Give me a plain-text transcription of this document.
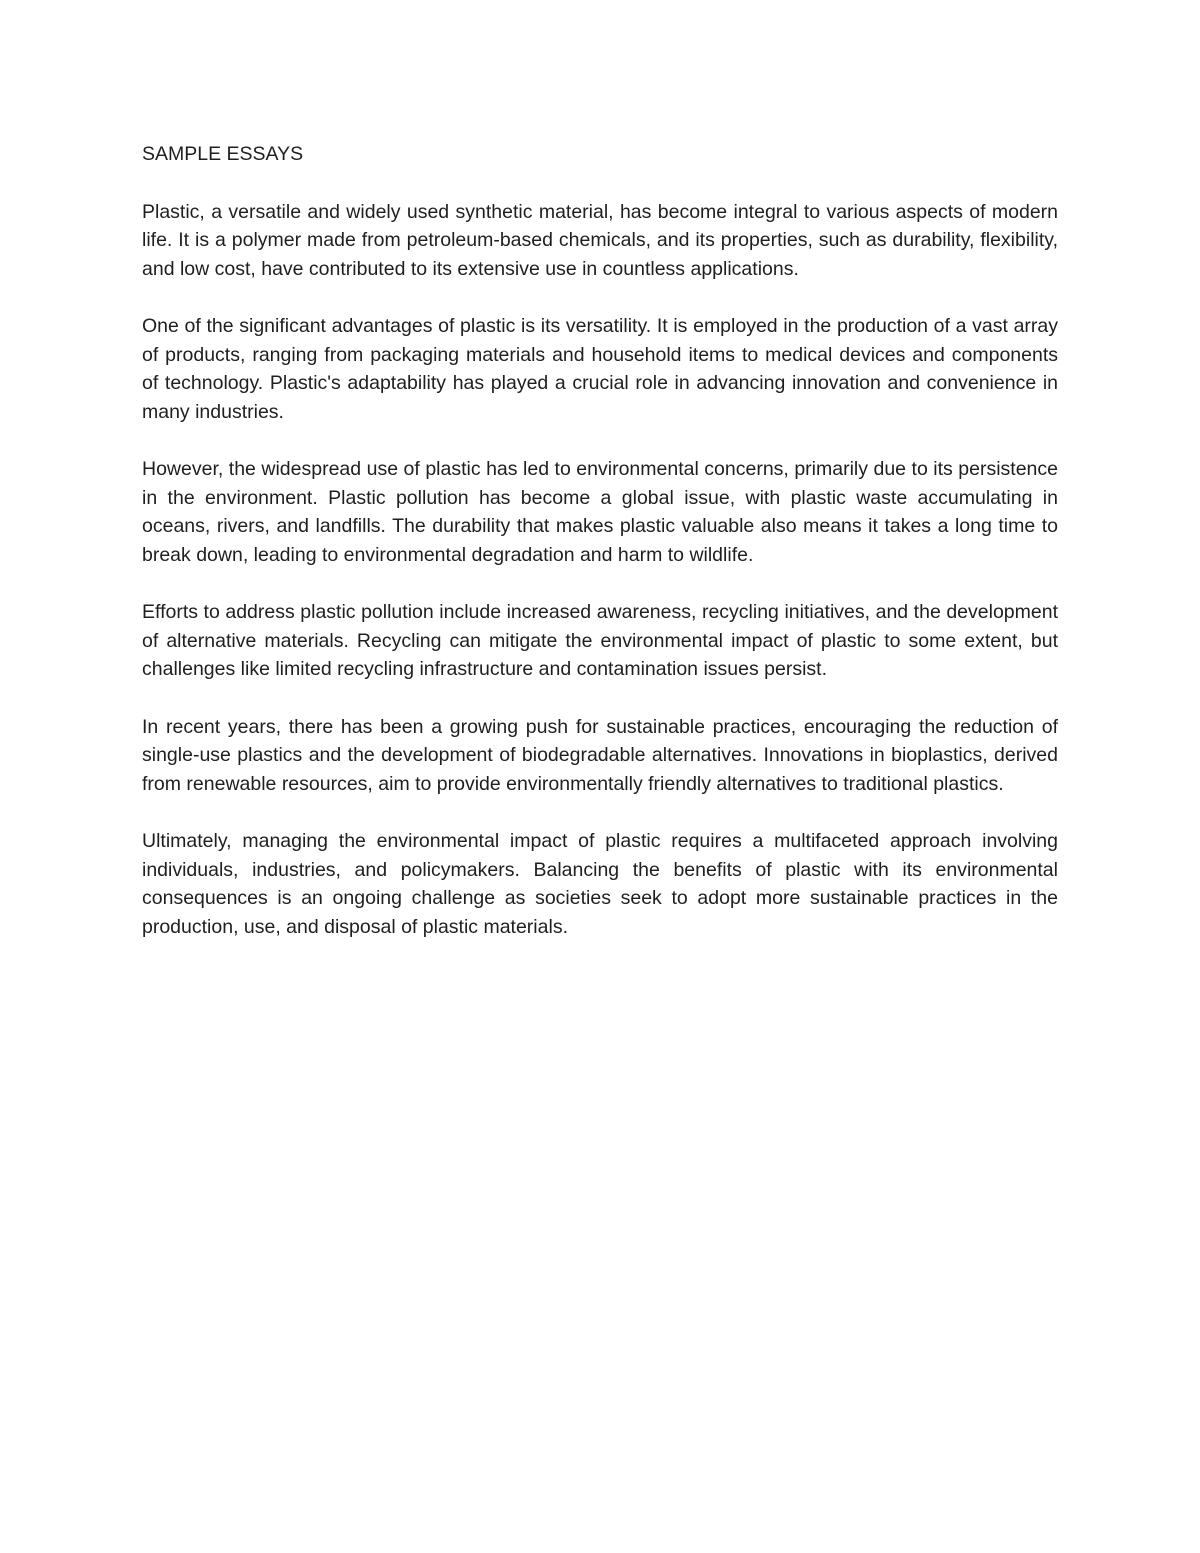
SAMPLE ESSAYS

Plastic, a versatile and widely used synthetic material, has become integral to various aspects of modern life. It is a polymer made from petroleum-based chemicals, and its properties, such as durability, flexibility, and low cost, have contributed to its extensive use in countless applications.

One of the significant advantages of plastic is its versatility. It is employed in the production of a vast array of products, ranging from packaging materials and household items to medical devices and components of technology. Plastic's adaptability has played a crucial role in advancing innovation and convenience in many industries.

However, the widespread use of plastic has led to environmental concerns, primarily due to its persistence in the environment. Plastic pollution has become a global issue, with plastic waste accumulating in oceans, rivers, and landfills. The durability that makes plastic valuable also means it takes a long time to break down, leading to environmental degradation and harm to wildlife.

Efforts to address plastic pollution include increased awareness, recycling initiatives, and the development of alternative materials. Recycling can mitigate the environmental impact of plastic to some extent, but challenges like limited recycling infrastructure and contamination issues persist.

In recent years, there has been a growing push for sustainable practices, encouraging the reduction of single-use plastics and the development of biodegradable alternatives. Innovations in bioplastics, derived from renewable resources, aim to provide environmentally friendly alternatives to traditional plastics.

Ultimately, managing the environmental impact of plastic requires a multifaceted approach involving individuals, industries, and policymakers. Balancing the benefits of plastic with its environmental consequences is an ongoing challenge as societies seek to adopt more sustainable practices in the production, use, and disposal of plastic materials.
